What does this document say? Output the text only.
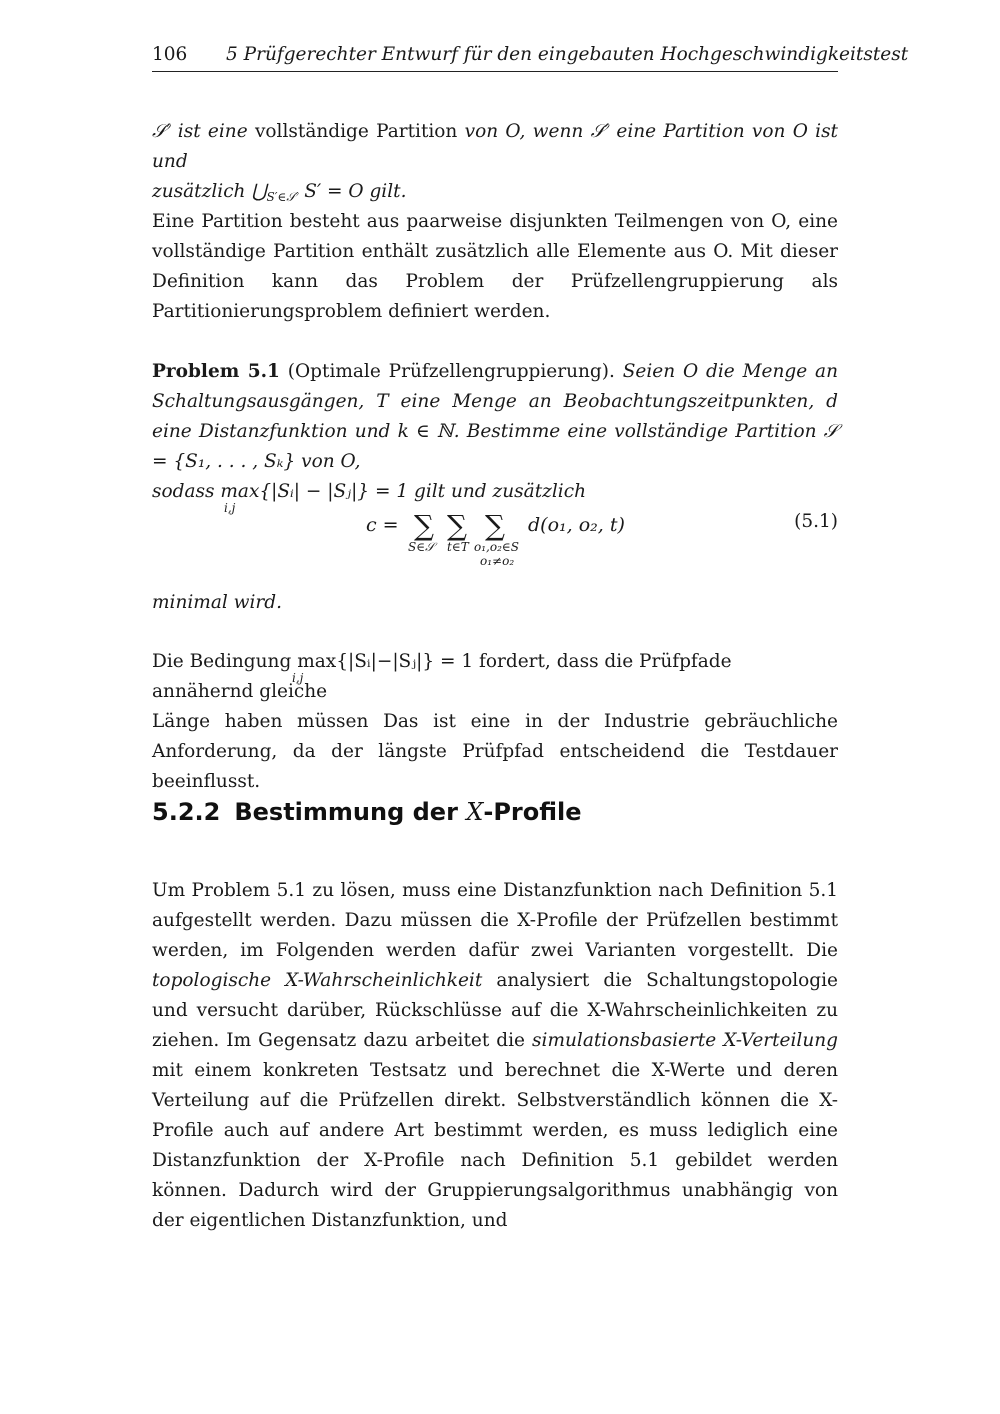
106 5 Prüfgerechter Entwurf für den eingebauten Hochgeschwindigkeitstest

𝒮′ ist eine vollständige Partition von O, wenn 𝒮′ eine Partition von O ist und

zusätzlich $⋃_{S'\in 𝒮'}$ S′ = O gilt.

Eine Partition besteht aus paarweise disjunkten Teilmengen von O, eine vollständige Partition enthält zusätzlich alle Elemente aus O. Mit dieser Definition kann das Problem der Prüfzellengruppierung als Partitionierungsproblem definiert werden.

Problem 5.1 (Optimale Prüfzellengruppierung). Seien O die Menge an Schaltungsausgängen, T eine Menge an Beobachtungszeitpunkten, d eine Distanzfunktion und k ∈ ℕ. Bestimme eine vollständige Partition 𝒮 = {S₁, . . . , Sₖ} von O,

sodass max{|Sᵢ| − |Sⱼ|} = 1 gilt und zusätzlich
i,j

c = ∑
S∈𝒮
∑
t∈T
∑
o₁,o₂∈S
o₁≠o₂
d(o₁, o₂, t)	(5.1)

minimal wird.

Die Bedingung max{|Sᵢ|−|Sⱼ|} = 1 fordert, dass die Prüfpfade annähernd gleiche
i,j

Länge haben müssen Das ist eine in der Industrie gebräuchliche Anforderung, da der längste Prüfpfad entscheidend die Testdauer beeinflusst.

5.2.2 Bestimmung der X-Profile

Um Problem 5.1 zu lösen, muss eine Distanzfunktion nach Definition 5.1 aufgestellt werden. Dazu müssen die X-Profile der Prüfzellen bestimmt werden, im Folgenden werden dafür zwei Varianten vorgestellt. Die topologische X-Wahrscheinlichkeit analysiert die Schaltungstopologie und versucht darüber, Rückschlüsse auf die X-Wahrscheinlichkeiten zu ziehen. Im Gegensatz dazu arbeitet die simulationsbasierte X-Verteilung mit einem konkreten Testsatz und berechnet die X-Werte und deren Verteilung auf die Prüfzellen direkt. Selbstverständlich können die X-Profile auch auf andere Art bestimmt werden, es muss lediglich eine Distanzfunktion der X-Profile nach Definition 5.1 gebildet werden können. Dadurch wird der Gruppierungsalgorithmus unabhängig von der eigentlichen Distanzfunktion, und
